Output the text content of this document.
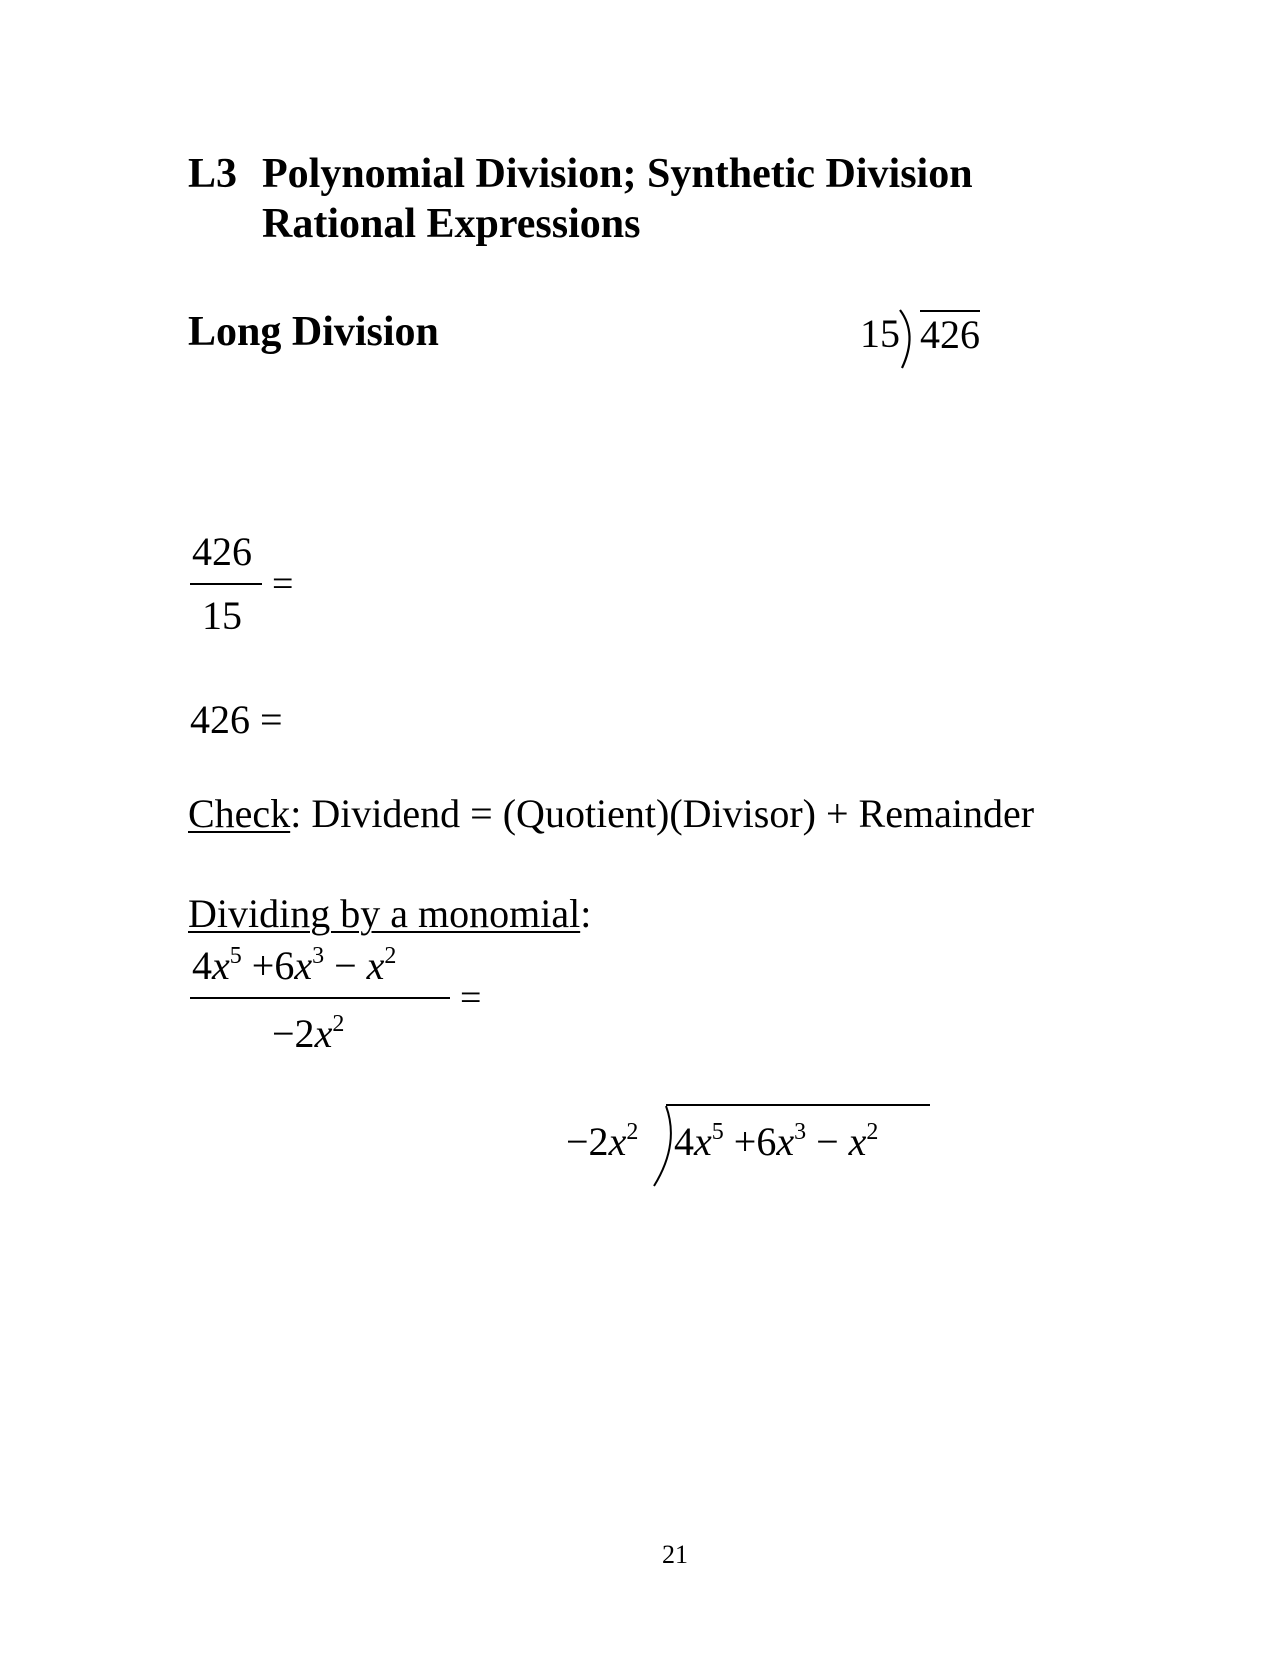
L3 Polynomial Division; Synthetic Division
Rational Expressions
Long Division	15 426
426
15
=
426 =
Check: Dividend = (Quotient)(Divisor) + Remainder
Dividing by a monomial:
$4x^5 +6x^3 - x^2$
$-2x^2$
=
$-2x^2$ $4x^5 +6x^3 - x^2$
21
